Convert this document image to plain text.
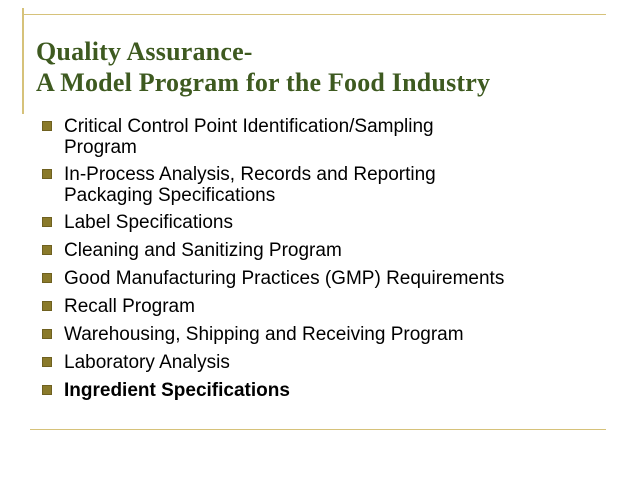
Quality Assurance-
A Model Program for the Food Industry
Critical Control Point Identification/Sampling
Program
In-Process Analysis, Records and Reporting
Packaging Specifications
Label Specifications
Cleaning and Sanitizing Program
Good Manufacturing Practices (GMP) Requirements
Recall Program
Warehousing, Shipping and Receiving Program
Laboratory Analysis
Ingredient Specifications
